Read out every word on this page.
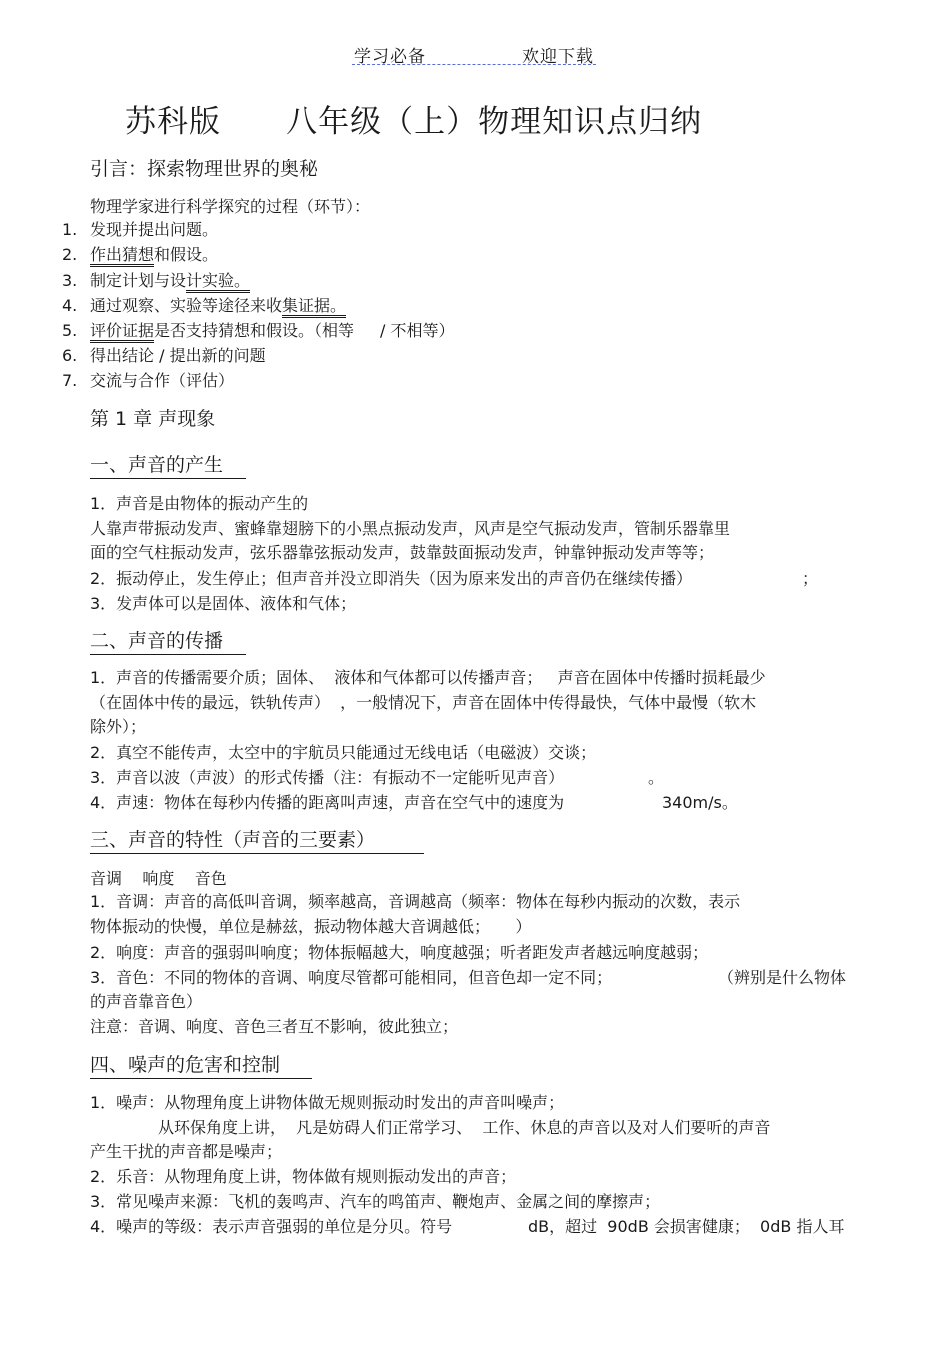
学习必备	欢迎下载
苏科版      八年级（上）物理知识点归纳
引言：探索物理世界的奥秘
物理学家进行科学探究的过程（环节）：
1. 发现并提出问题。
2. 作出猜想和假设。
3. 制定计划与设计实验。
4. 通过观察、实验等途径来收集证据。
5. 评价证据是否支持猜想和假设。（相等 / 不相等）
6. 得出结论 / 提出新的问题
7. 交流与合作（评估）
第 1 章 声现象
一、声音的产生
1．声音是由物体的振动产生的
人靠声带振动发声、蜜蜂靠翅膀下的小黑点振动发声，风声是空气振动发声，管制乐器靠里
面的空气柱振动发声，弦乐器靠弦振动发声，鼓靠鼓面振动发声，钟靠钟振动发声等等；
2．振动停止，发生停止；但声音并没立即消失（因为原来发出的声音仍在继续传播）	；
3．发声体可以是固体、液体和气体；
二、声音的传播
1．声音的传播需要介质；固体、  液体和气体都可以传播声音；   声音在固体中传播时损耗最少
（在固体中传的最远，铁轨传声）  ，一般情况下，声音在固体中传得最快，气体中最慢（软木
除外）；
2．真空不能传声，太空中的宇航员只能通过无线电话（电磁波）交谈；
3．声音以波（声波）的形式传播（注：有振动不一定能听见声音）	。
4．声速：物体在每秒内传播的距离叫声速，声音在空气中的速度为	340m/s。
三、声音的特性（声音的三要素）
音调    响度    音色
1．音调：声音的高低叫音调，频率越高，音调越高（频率：物体在每秒内振动的次数，表示
物体振动的快慢，单位是赫兹，振动物体越大音调越低；     ）
2．响度：声音的强弱叫响度；物体振幅越大，响度越强；听者距发声者越远响度越弱；
3．音色：不同的物体的音调、响度尽管都可能相同，但音色却一定不同；	（辨别是什么物体
的声音靠音色）
注意：音调、响度、音色三者互不影响，彼此独立；
四、噪声的危害和控制
1．噪声：从物理角度上讲物体做无规则振动时发出的声音叫噪声；
从环保角度上讲，  凡是妨碍人们正常学习、  工作、休息的声音以及对人们要听的声音
产生干扰的声音都是噪声；
2．乐音：从物理角度上讲，物体做有规则振动发出的声音；
3．常见噪声来源：飞机的轰鸣声、汽车的鸣笛声、鞭炮声、金属之间的摩擦声；
4．噪声的等级：表示声音强弱的单位是分贝。符号	dB，超过  90dB 会损害健康；  0dB 指人耳
